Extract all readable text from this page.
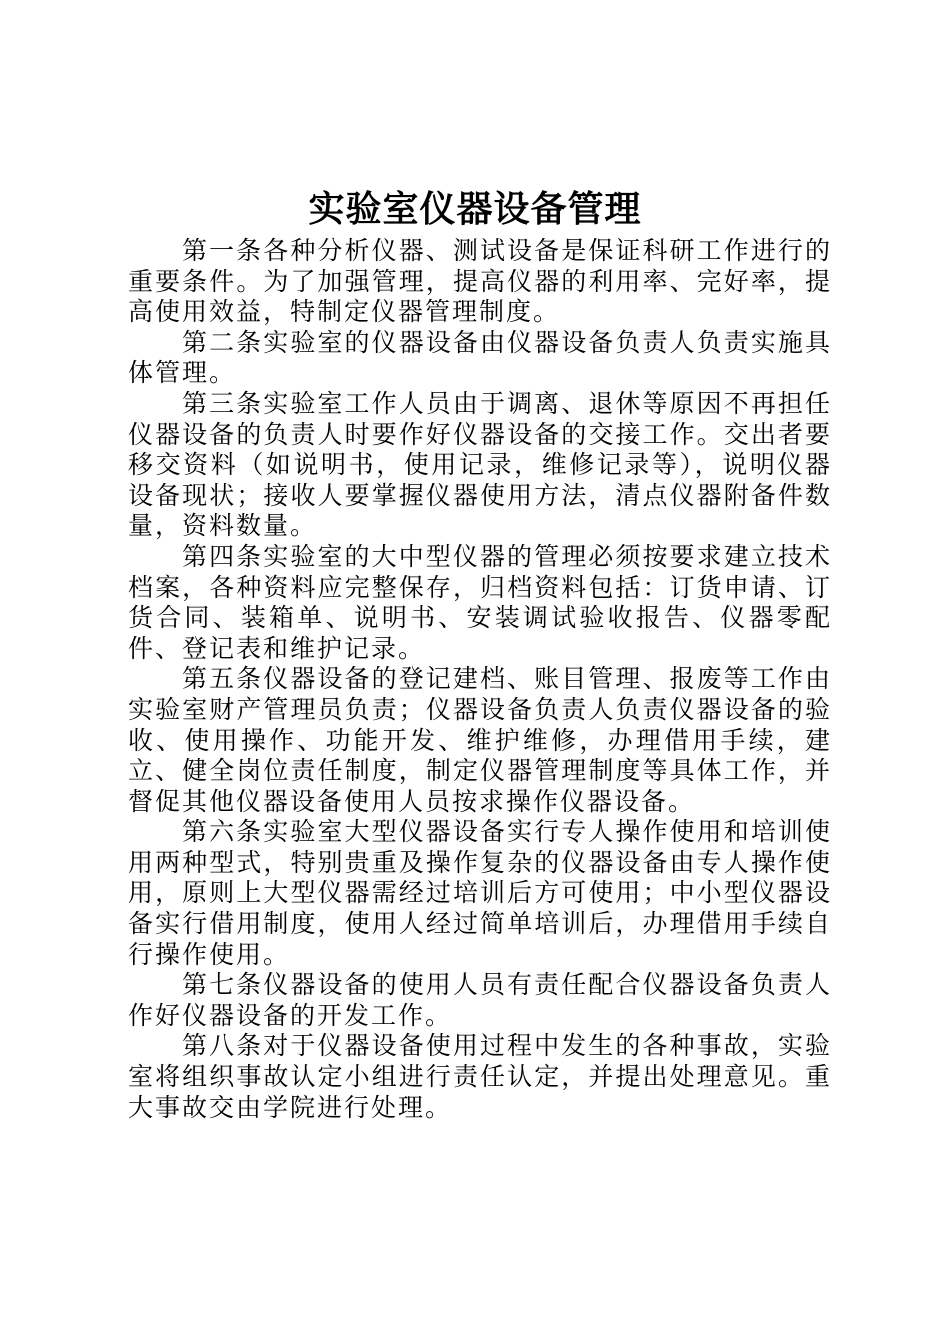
实验室仪器设备管理

第一条各种分析仪器、测试设备是保证科研工作进行的重要条件。为了加强管理，提高仪器的利用率、完好率，提高使用效益，特制定仪器管理制度。

第二条实验室的仪器设备由仪器设备负责人负责实施具体管理。

第三条实验室工作人员由于调离、退休等原因不再担任仪器设备的负责人时要作好仪器设备的交接工作。交出者要移交资料（如说明书，使用记录，维修记录等），说明仪器设备现状；接收人要掌握仪器使用方法，清点仪器附备件数量，资料数量。

第四条实验室的大中型仪器的管理必须按要求建立技术档案，各种资料应完整保存，归档资料包括：订货申请、订货合同、装箱单、说明书、安装调试验收报告、仪器零配件、登记表和维护记录。

第五条仪器设备的登记建档、账目管理、报废等工作由实验室财产管理员负责；仪器设备负责人负责仪器设备的验收、使用操作、功能开发、维护维修，办理借用手续，建立、健全岗位责任制度，制定仪器管理制度等具体工作，并督促其他仪器设备使用人员按求操作仪器设备。

第六条实验室大型仪器设备实行专人操作使用和培训使用两种型式，特别贵重及操作复杂的仪器设备由专人操作使用，原则上大型仪器需经过培训后方可使用；中小型仪器设备实行借用制度，使用人经过简单培训后，办理借用手续自行操作使用。

第七条仪器设备的使用人员有责任配合仪器设备负责人作好仪器设备的开发工作。

第八条对于仪器设备使用过程中发生的各种事故，实验室将组织事故认定小组进行责任认定，并提出处理意见。重大事故交由学院进行处理。
